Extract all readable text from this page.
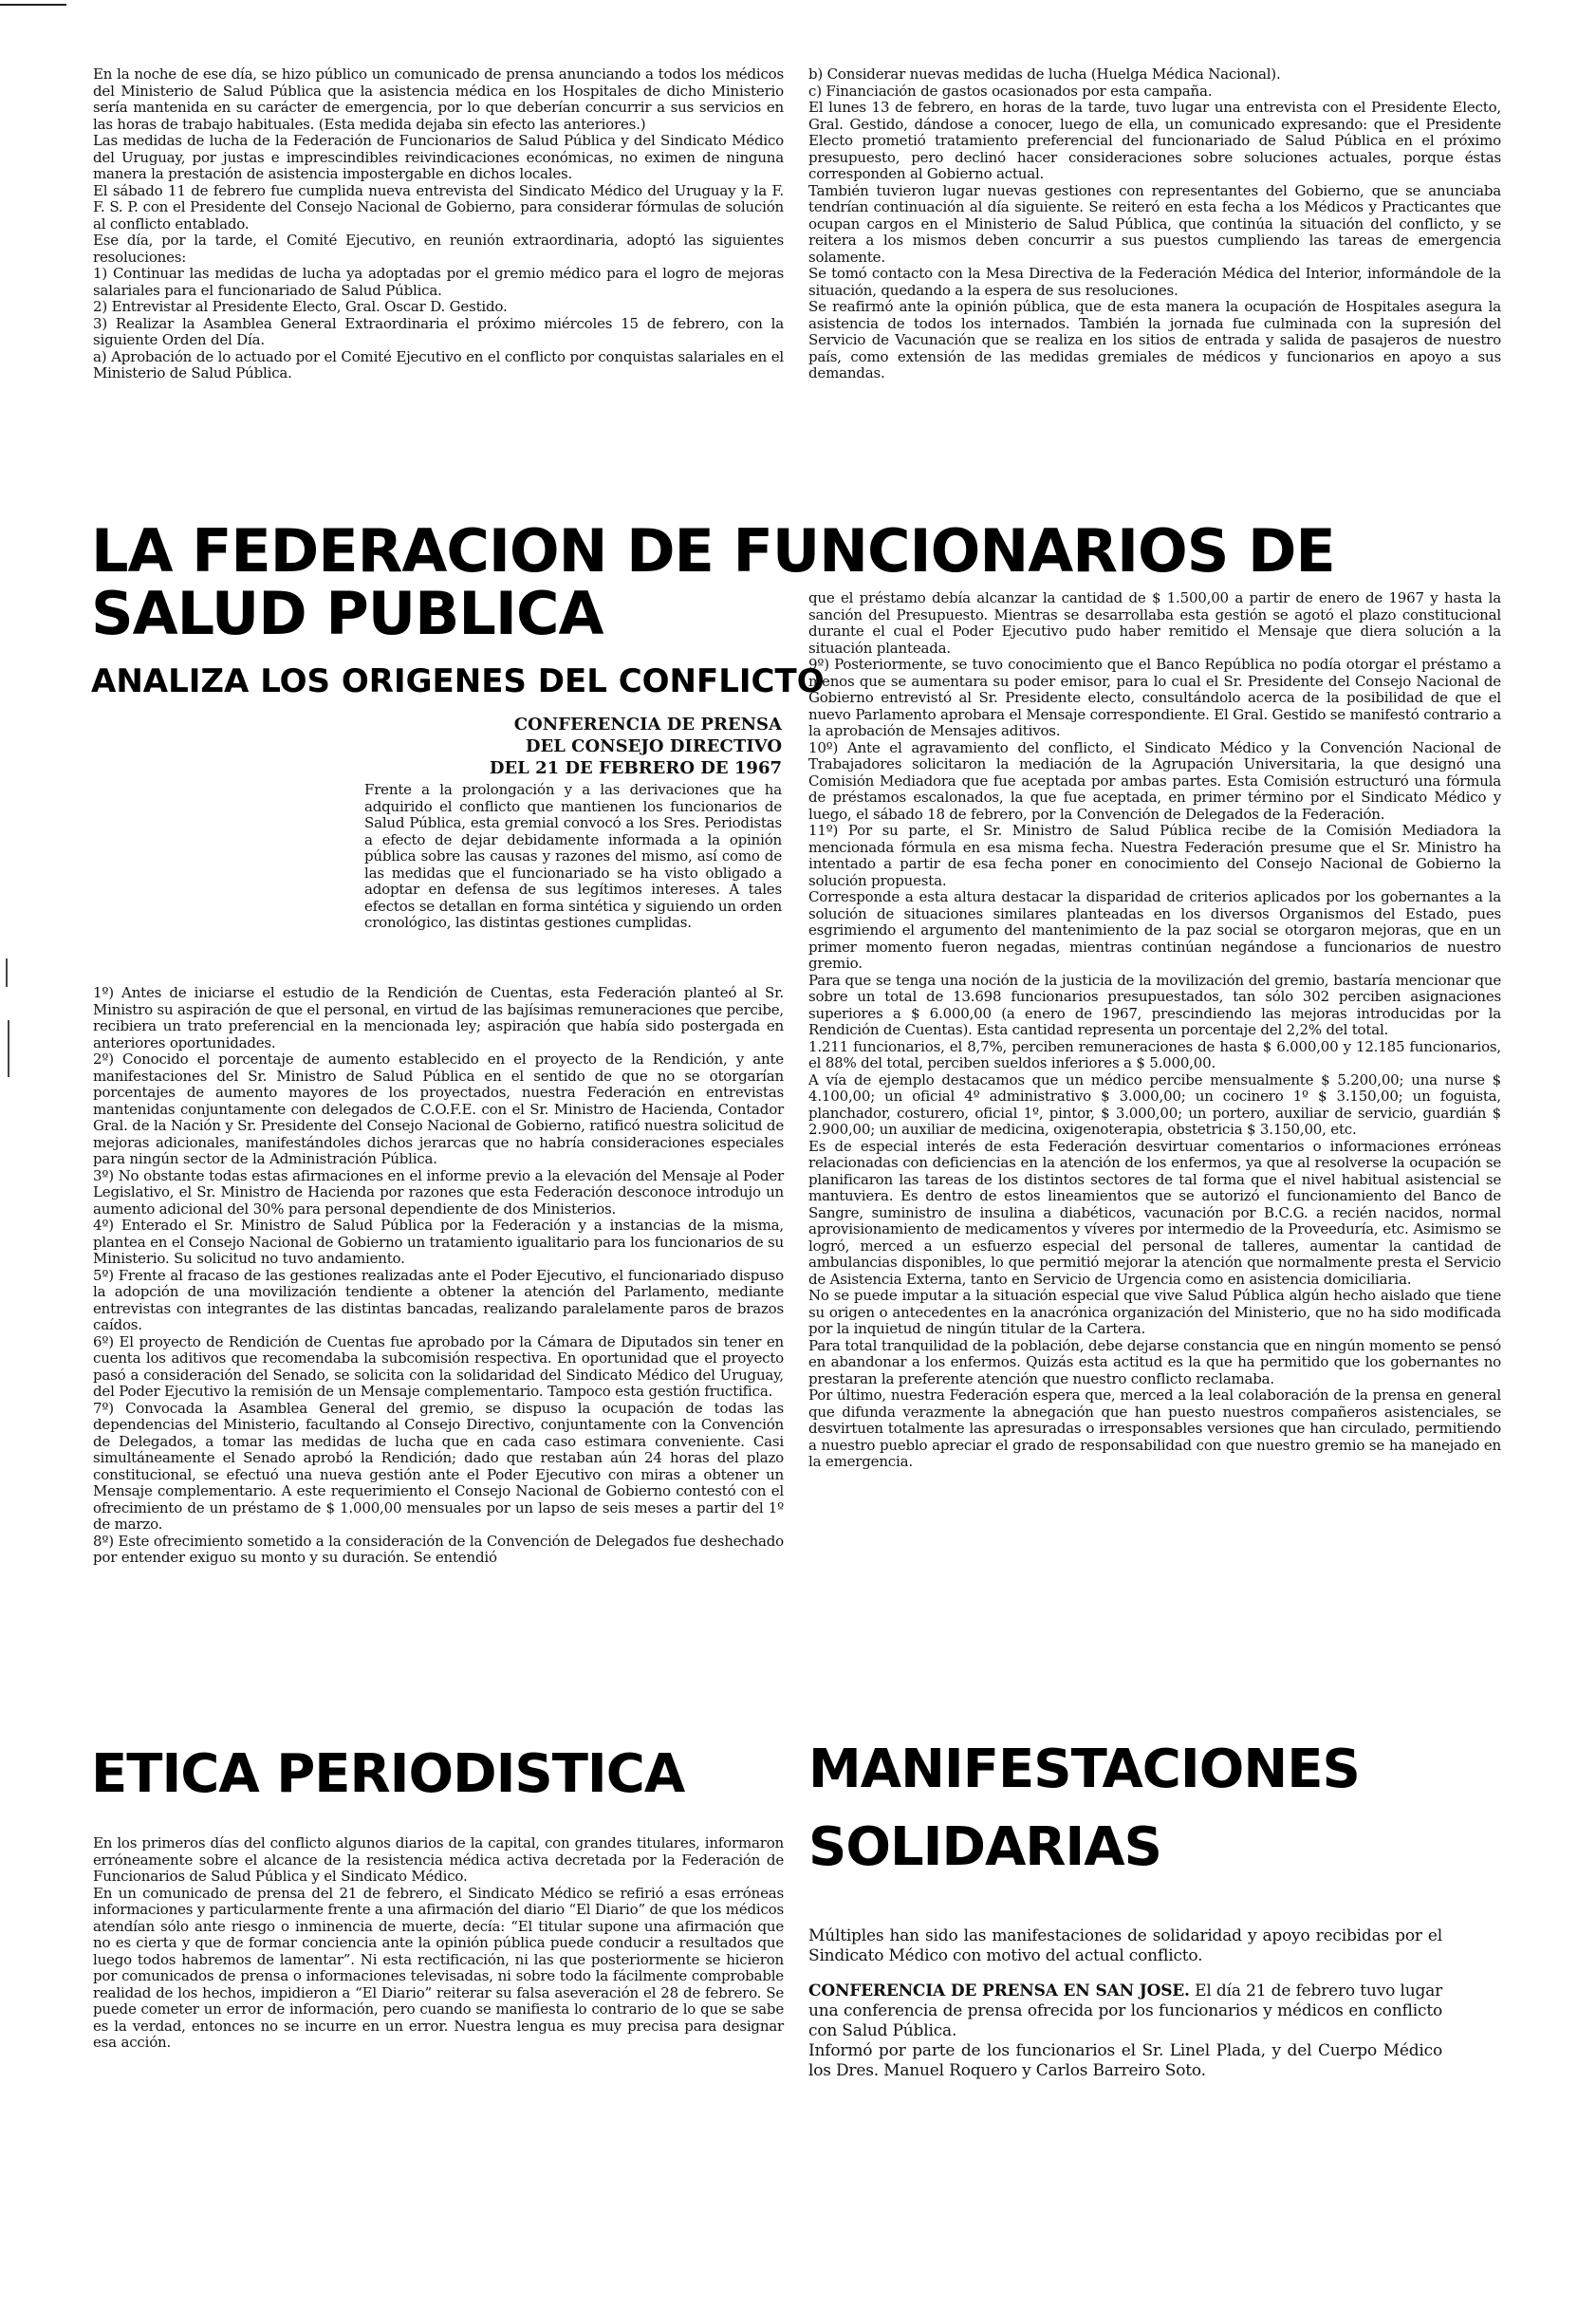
En la noche de ese día, se hizo público un comunicado de prensa anunciando a todos los médicos del Ministerio de Salud Pública que la asistencia médica en los Hospitales de dicho Ministerio sería mantenida en su carácter de emergencia, por lo que deberían concurrir a sus servicios en las horas de trabajo habituales. (Esta medida dejaba sin efecto las anteriores.)

Las medidas de lucha de la Federación de Funcionarios de Salud Pública y del Sindicato Médico del Uruguay, por justas e imprescindibles reivindicaciones económicas, no eximen de ninguna manera la prestación de asistencia impostergable en dichos locales.

El sábado 11 de febrero fue cumplida nueva entrevista del Sindicato Médico del Uruguay y la F. F. S. P. con el Presidente del Consejo Nacional de Gobierno, para considerar fórmulas de solución al conflicto entablado.

Ese día, por la tarde, el Comité Ejecutivo, en reunión extraordinaria, adoptó las siguientes resoluciones:

1) Continuar las medidas de lucha ya adoptadas por el gremio médico para el logro de mejoras salariales para el funcionariado de Salud Pública.

2) Entrevistar al Presidente Electo, Gral. Oscar D. Gestido.

3) Realizar la Asamblea General Extraordinaria el próximo miércoles 15 de febrero, con la siguiente Orden del Día.

a) Aprobación de lo actuado por el Comité Ejecutivo en el conflicto por conquistas salariales en el Ministerio de Salud Pública.

b) Considerar nuevas medidas de lucha (Huelga Médica Nacional).

c) Financiación de gastos ocasionados por esta campaña.

El lunes 13 de febrero, en horas de la tarde, tuvo lugar una entrevista con el Presidente Electo, Gral. Gestido, dándose a conocer, luego de ella, un comunicado expresando: que el Presidente Electo prometió tratamiento preferencial del funcionariado de Salud Pública en el próximo presupuesto, pero declinó hacer consideraciones sobre soluciones actuales, porque éstas corresponden al Gobierno actual.

También tuvieron lugar nuevas gestiones con representantes del Gobierno, que se anunciaba tendrían continuación al día siguiente. Se reiteró en esta fecha a los Médicos y Practicantes que ocupan cargos en el Ministerio de Salud Pública, que continúa la situación del conflicto, y se reitera a los mismos deben concurrir a sus puestos cumpliendo las tareas de emergencia solamente.

Se tomó contacto con la Mesa Directiva de la Federación Médica del Interior, informándole de la situación, quedando a la espera de sus resoluciones.

Se reafirmó ante la opinión pública, que de esta manera la ocupación de Hospitales asegura la asistencia de todos los internados. También la jornada fue culminada con la supresión del Servicio de Vacunación que se realiza en los sitios de entrada y salida de pasajeros de nuestro país, como extensión de las medidas gremiales de médicos y funcionarios en apoyo a sus demandas.

LA FEDERACION DE FUNCIONARIOS DE
SALUD PUBLICA
ANALIZA LOS ORIGENES DEL CONFLICTO
CONFERENCIA DE PRENSA
DEL CONSEJO DIRECTIVO
DEL 21 DE FEBRERO DE 1967

Frente a la prolongación y a las derivaciones que ha adquirido el conflicto que mantienen los funcionarios de Salud Pública, esta gremial convocó a los Sres. Periodistas a efecto de dejar debidamente informada a la opinión pública sobre las causas y razones del mismo, así como de las medidas que el funcionariado se ha visto obligado a adoptar en defensa de sus legítimos intereses. A tales efectos se detallan en forma sintética y siguiendo un orden cronológico, las distintas gestiones cumplidas.

1º) Antes de iniciarse el estudio de la Rendición de Cuentas, esta Federación planteó al Sr. Ministro su aspiración de que el personal, en virtud de las bajísimas remuneraciones que percibe, recibiera un trato preferencial en la mencionada ley; aspiración que había sido postergada en anteriores oportunidades.

2º) Conocido el porcentaje de aumento establecido en el proyecto de la Rendición, y ante manifestaciones del Sr. Ministro de Salud Pública en el sentido de que no se otorgarían porcentajes de aumento mayores de los proyectados, nuestra Federación en entrevistas mantenidas conjuntamente con delegados de C.O.F.E. con el Sr. Ministro de Hacienda, Contador Gral. de la Nación y Sr. Presidente del Consejo Nacional de Gobierno, ratificó nuestra solicitud de mejoras adicionales, manifestándoles dichos jerarcas que no habría consideraciones especiales para ningún sector de la Administración Pública.

3º) No obstante todas estas afirmaciones en el informe previo a la elevación del Mensaje al Poder Legislativo, el Sr. Ministro de Hacienda por razones que esta Federación desconoce introdujo un aumento adicional del 30% para personal dependiente de dos Ministerios.

4º) Enterado el Sr. Ministro de Salud Pública por la Federación y a instancias de la misma, plantea en el Consejo Nacional de Gobierno un tratamiento igualitario para los funcionarios de su Ministerio. Su solicitud no tuvo andamiento.

5º) Frente al fracaso de las gestiones realizadas ante el Poder Ejecutivo, el funcionariado dispuso la adopción de una movilización tendiente a obtener la atención del Parlamento, mediante entrevistas con integrantes de las distintas bancadas, realizando paralelamente paros de brazos caídos.

6º) El proyecto de Rendición de Cuentas fue aprobado por la Cámara de Diputados sin tener en cuenta los aditivos que recomendaba la subcomisión respectiva. En oportunidad que el proyecto pasó a consideración del Senado, se solicita con la solidaridad del Sindicato Médico del Uruguay, del Poder Ejecutivo la remisión de un Mensaje complementario. Tampoco esta gestión fructifica.

7º) Convocada la Asamblea General del gremio, se dispuso la ocupación de todas las dependencias del Ministerio, facultando al Consejo Directivo, conjuntamente con la Convención de Delegados, a tomar las medidas de lucha que en cada caso estimara conveniente. Casi simultáneamente el Senado aprobó la Rendición; dado que restaban aún 24 horas del plazo constitucional, se efectuó una nueva gestión ante el Poder Ejecutivo con miras a obtener un Mensaje complementario. A este requerimiento el Consejo Nacional de Gobierno contestó con el ofrecimiento de un préstamo de $ 1.000,00 mensuales por un lapso de seis meses a partir del 1º de marzo.

8º) Este ofrecimiento sometido a la consideración de la Convención de Delegados fue deshechado por entender exiguo su monto y su duración. Se entendió

que el préstamo debía alcanzar la cantidad de $ 1.500,00 a partir de enero de 1967 y hasta la sanción del Presupuesto. Mientras se desarrollaba esta gestión se agotó el plazo constitucional durante el cual el Poder Ejecutivo pudo haber remitido el Mensaje que diera solución a la situación planteada.

9º) Posteriormente, se tuvo conocimiento que el Banco República no podía otorgar el préstamo a menos que se aumentara su poder emisor, para lo cual el Sr. Presidente del Consejo Nacional de Gobierno entrevistó al Sr. Presidente electo, consultándolo acerca de la posibilidad de que el nuevo Parlamento aprobara el Mensaje correspondiente. El Gral. Gestido se manifestó contrario a la aprobación de Mensajes aditivos.

10º) Ante el agravamiento del conflicto, el Sindicato Médico y la Convención Nacional de Trabajadores solicitaron la mediación de la Agrupación Universitaria, la que designó una Comisión Mediadora que fue aceptada por ambas partes. Esta Comisión estructuró una fórmula de préstamos escalonados, la que fue aceptada, en primer término por el Sindicato Médico y luego, el sábado 18 de febrero, por la Convención de Delegados de la Federación.

11º) Por su parte, el Sr. Ministro de Salud Pública recibe de la Comisión Mediadora la mencionada fórmula en esa misma fecha. Nuestra Federación presume que el Sr. Ministro ha intentado a partir de esa fecha poner en conocimiento del Consejo Nacional de Gobierno la solución propuesta.

Corresponde a esta altura destacar la disparidad de criterios aplicados por los gobernantes a la solución de situaciones similares planteadas en los diversos Organismos del Estado, pues esgrimiendo el argumento del mantenimiento de la paz social se otorgaron mejoras, que en un primer momento fueron negadas, mientras continúan negándose a funcionarios de nuestro gremio.

Para que se tenga una noción de la justicia de la movilización del gremio, bastaría mencionar que sobre un total de 13.698 funcionarios presupuestados, tan sólo 302 perciben asignaciones superiores a $ 6.000,00 (a enero de 1967, prescindiendo las mejoras introducidas por la Rendición de Cuentas). Esta cantidad representa un porcentaje del 2,2% del total.

1.211 funcionarios, el 8,7%, perciben remuneraciones de hasta $ 6.000,00 y 12.185 funcionarios, el 88% del total, perciben sueldos inferiores a $ 5.000,00.

A vía de ejemplo destacamos que un médico percibe mensualmente $ 5.200,00; una nurse $ 4.100,00; un oficial 4º administrativo $ 3.000,00; un cocinero 1º $ 3.150,00; un foguista, planchador, costurero, oficial 1º, pintor, $ 3.000,00; un portero, auxiliar de servicio, guardián $ 2.900,00; un auxiliar de medicina, oxigenoterapia, obstetricia $ 3.150,00, etc.

Es de especial interés de esta Federación desvirtuar comentarios o informaciones erróneas relacionadas con deficiencias en la atención de los enfermos, ya que al resolverse la ocupación se planificaron las tareas de los distintos sectores de tal forma que el nivel habitual asistencial se mantuviera. Es dentro de estos lineamientos que se autorizó el funcionamiento del Banco de Sangre, suministro de insulina a diabéticos, vacunación por B.C.G. a recién nacidos, normal aprovisionamiento de medicamentos y víveres por intermedio de la Proveeduría, etc. Asimismo se logró, merced a un esfuerzo especial del personal de talleres, aumentar la cantidad de ambulancias disponibles, lo que permitió mejorar la atención que normalmente presta el Servicio de Asistencia Externa, tanto en Servicio de Urgencia como en asistencia domiciliaria.

No se puede imputar a la situación especial que vive Salud Pública algún hecho aislado que tiene su origen o antecedentes en la anacrónica organización del Ministerio, que no ha sido modificada por la inquietud de ningún titular de la Cartera.

Para total tranquilidad de la población, debe dejarse constancia que en ningún momento se pensó en abandonar a los enfermos. Quizás esta actitud es la que ha permitido que los gobernantes no prestaran la preferente atención que nuestro conflicto reclamaba.

Por último, nuestra Federación espera que, merced a la leal colaboración de la prensa en general que difunda verazmente la abnegación que han puesto nuestros compañeros asistenciales, se desvirtuen totalmente las apresuradas o irresponsables versiones que han circulado, permitiendo a nuestro pueblo apreciar el grado de responsabilidad con que nuestro gremio se ha manejado en la emergencia.

ETICA PERIODISTICA

En los primeros días del conflicto algunos diarios de la capital, con grandes titulares, informaron erróneamente sobre el alcance de la resistencia médica activa decretada por la Federación de Funcionarios de Salud Pública y el Sindicato Médico.

En un comunicado de prensa del 21 de febrero, el Sindicato Médico se refirió a esas erróneas informaciones y particularmente frente a una afirmación del diario “El Diario” de que los médicos atendían sólo ante riesgo o inminencia de muerte, decía: “El titular supone una afirmación que no es cierta y que de formar conciencia ante la opinión pública puede conducir a resultados que luego todos habremos de lamentar”. Ni esta rectificación, ni las que posteriormente se hicieron por comunicados de prensa o informaciones televisadas, ni sobre todo la fácilmente comprobable realidad de los hechos, impidieron a “El Diario” reiterar su falsa aseveración el 28 de febrero. Se puede cometer un error de información, pero cuando se manifiesta lo contrario de lo que se sabe es la verdad, entonces no se incurre en un error. Nuestra lengua es muy precisa para designar esa acción.

MANIFESTACIONES
SOLIDARIAS

Múltiples han sido las manifestaciones de solidaridad y apoyo recibidas por el Sindicato Médico con motivo del actual conflicto.

CONFERENCIA DE PRENSA EN SAN JOSE. El día 21 de febrero tuvo lugar una conferencia de prensa ofrecida por los funcionarios y médicos en conflicto con Salud Pública.

Informó por parte de los funcionarios el Sr. Linel Plada, y del Cuerpo Médico los Dres. Manuel Roquero y Carlos Barreiro Soto.
